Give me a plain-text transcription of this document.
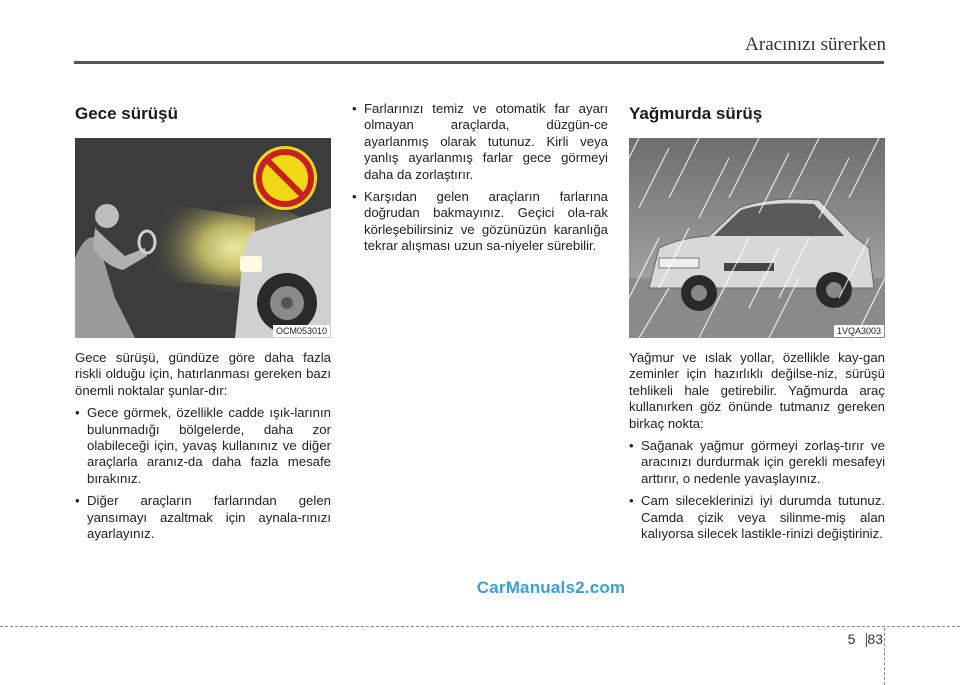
Aracınızı sürerken
Gece sürüşü
OCM053010

Gece sürüşü, gündüze göre daha fazla riskli olduğu için, hatırlanması gereken bazı önemli noktalar şunlar-dır:

• Gece görmek, özellikle cadde ışık-larının bulunmadığı bölgelerde, daha zor olabileceği için, yavaş kullanınız ve diğer araçlarla aranız-da daha fazla mesafe bırakınız.
• Diğer araçların farlarından gelen yansımayı azaltmak için aynala-rınızı ayarlayınız.
• Farlarınızı temiz ve otomatik far ayarı olmayan araçlarda, düzgün-ce ayarlanmış olarak tutunuz. Kirli veya yanlış ayarlanmış farlar gece görmeyi daha da zorlaştırır.
• Karşıdan gelen araçların farlarına doğrudan bakmayınız. Geçici ola-rak körleşebilirsiniz ve gözünüzün karanlığa tekrar alışması uzun sa-niyeler sürebilir.
Yağmurda sürüş
1VQA3003

Yağmur ve ıslak yollar, özellikle kay-gan zeminler için hazırlıklı değilse-niz, sürüşü tehlikeli hale getirebilir. Yağmurda araç kullanırken göz önünde tutmanız gereken birkaç nokta:

• Sağanak yağmur görmeyi zorlaş-tırır ve aracınızı durdurmak için gerekli mesafeyi arttırır, o nedenle yavaşlayınız.
• Cam sileceklerinizi iyi durumda tutunuz. Camda çizik veya silinme-miş alan kalıyorsa silecek lastikle-rinizi değiştiriniz.
CarManuals2.com
5 83
